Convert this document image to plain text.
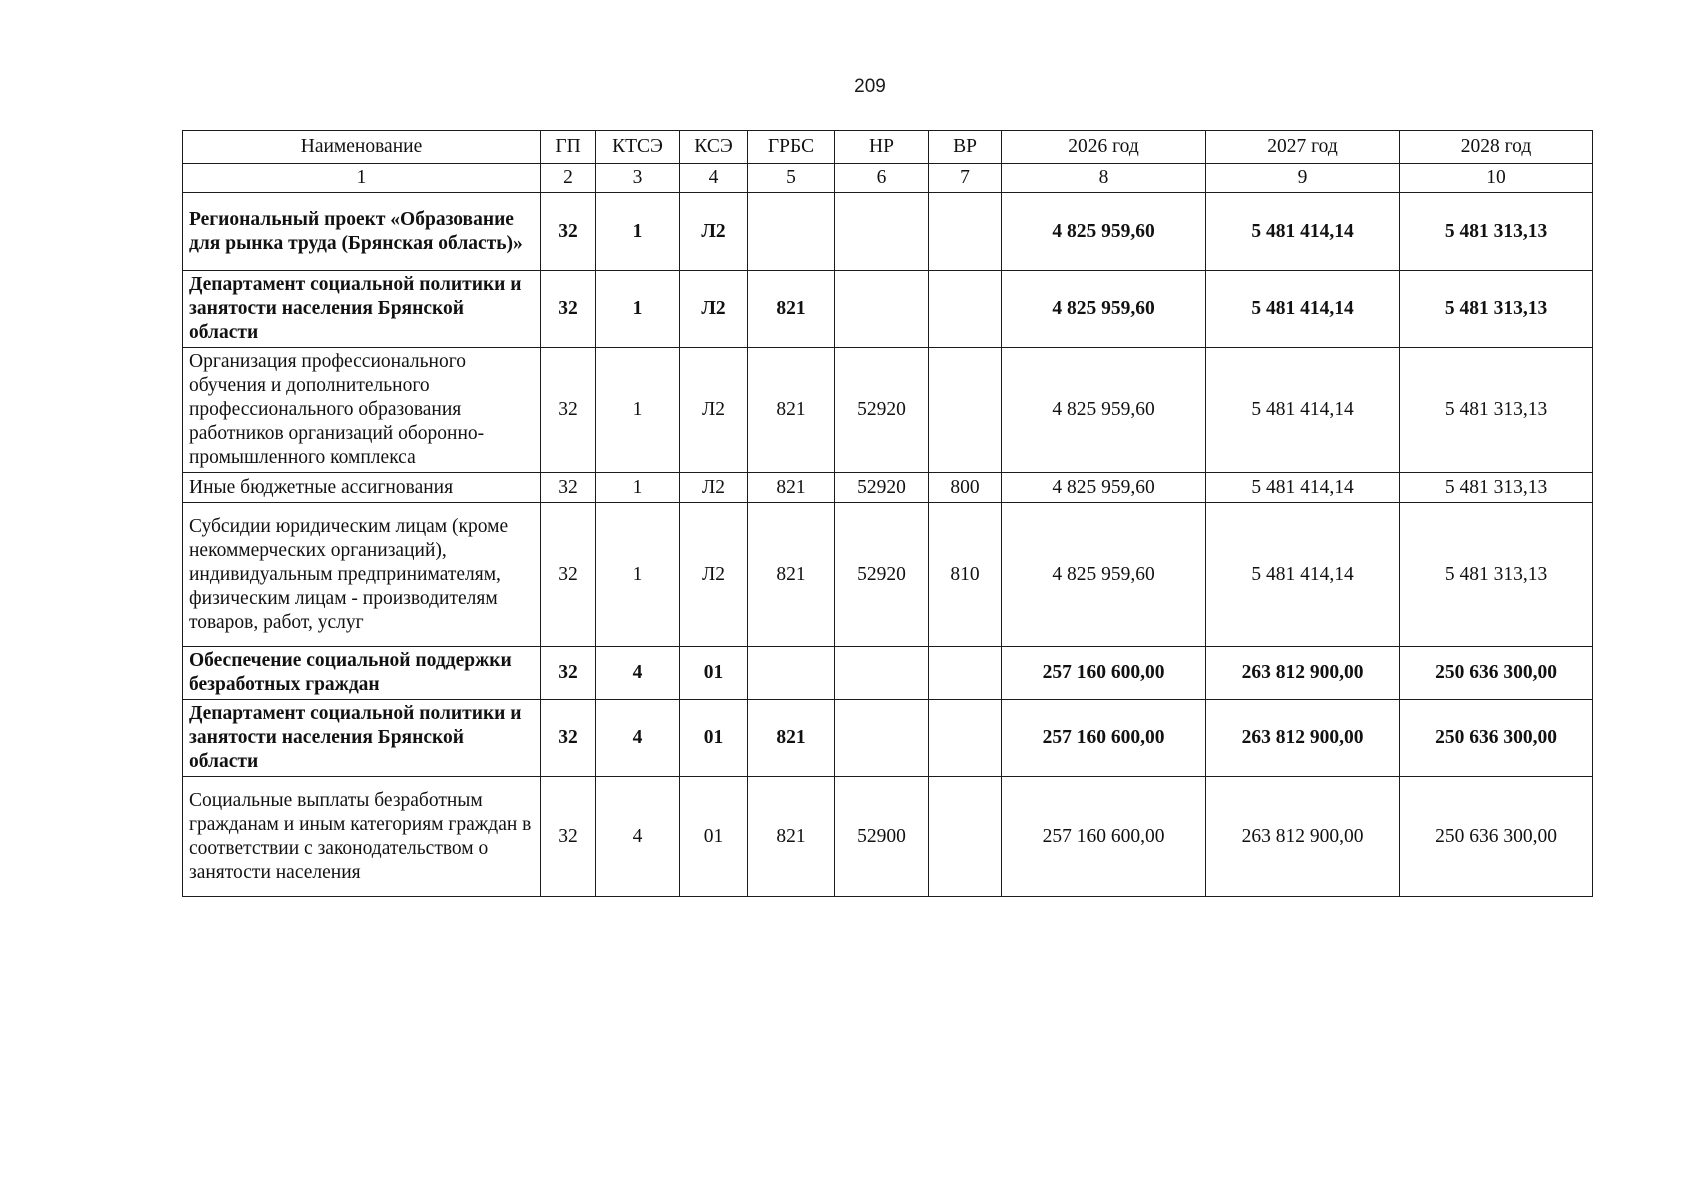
209
Наименование	ГП	КТСЭ	КСЭ	ГРБС	НР	ВР	2026 год	2027 год	2028 год
1	2	3	4	5	6	7	8	9	10
Региональный проект «Образование для рынка труда (Брянская область)»	32	1	Л2				4 825 959,60	5 481 414,14	5 481 313,13
Департамент социальной политики и занятости населения Брянской области	32	1	Л2	821			4 825 959,60	5 481 414,14	5 481 313,13
Организация профессионального обучения и дополнительного профессионального образования работников организаций оборонно-промышленного комплекса	32	1	Л2	821	52920		4 825 959,60	5 481 414,14	5 481 313,13
Иные бюджетные ассигнования	32	1	Л2	821	52920	800	4 825 959,60	5 481 414,14	5 481 313,13
Субсидии юридическим лицам (кроме некоммерческих организаций), индивидуальным предпринимателям, физическим лицам - производителям товаров, работ, услуг	32	1	Л2	821	52920	810	4 825 959,60	5 481 414,14	5 481 313,13
Обеспечение социальной поддержки безработных граждан	32	4	01				257 160 600,00	263 812 900,00	250 636 300,00
Департамент социальной политики и занятости населения Брянской области	32	4	01	821			257 160 600,00	263 812 900,00	250 636 300,00
Социальные выплаты безработным гражданам и иным категориям граждан в соответствии с законодательством о занятости населения	32	4	01	821	52900		257 160 600,00	263 812 900,00	250 636 300,00
